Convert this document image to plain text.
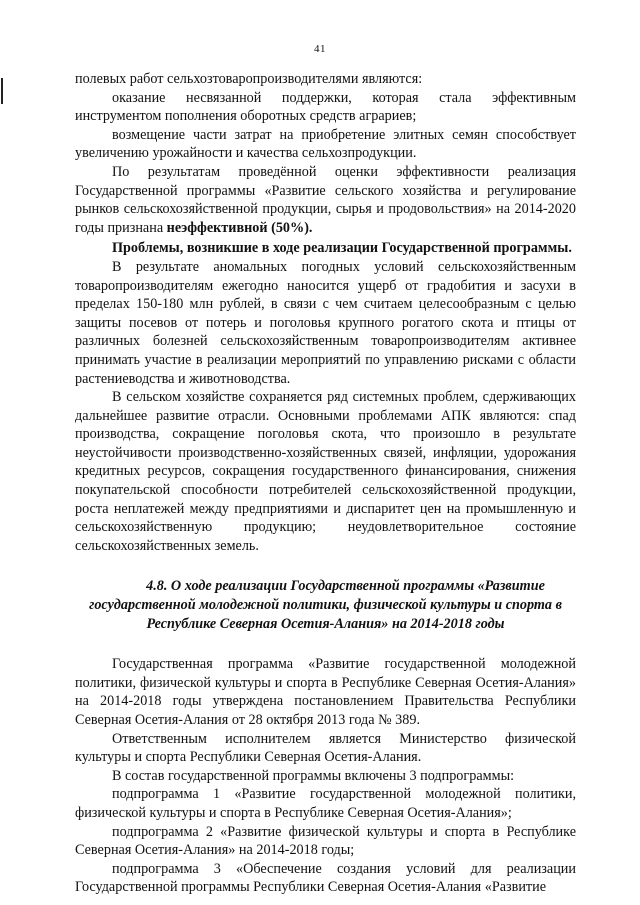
41

полевых работ сельхозтоваропроизводителями являются:

оказание несвязанной поддержки, которая стала эффективным инструментом пополнения оборотных средств аграриев;

возмещение части затрат на приобретение элитных семян способствует увеличению урожайности и качества сельхозпродукции.

По результатам проведённой оценки эффективности реализация Государственной программы «Развитие сельского хозяйства и регулирование рынков сельскохозяйственной продукции, сырья и продовольствия» на 2014-2020 годы признана неэффективной (50%).

Проблемы, возникшие в ходе реализации Государственной программы.

В результате аномальных погодных условий сельскохозяйственным товаропроизводителям ежегодно наносится ущерб от градобития и засухи в пределах 150-180 млн рублей, в связи с чем считаем целесообразным с целью защиты посевов от потерь и поголовья крупного рогатого скота и птицы от различных болезней сельскохозяйственным товаропроизводителям активнее принимать участие в реализации мероприятий по управлению рисками с области растениеводства и животноводства.

В сельском хозяйстве сохраняется ряд системных проблем, сдерживающих дальнейшее развитие отрасли. Основными проблемами АПК являются: спад производства, сокращение поголовья скота, что произошло в результате неустойчивости производственно-хозяйственных связей, инфляции, удорожания кредитных ресурсов, сокращения государственного финансирования, снижения покупательской способности потребителей сельскохозяйственной продукции, роста неплатежей между предприятиями и диспаритет цен на промышленную и сельскохозяйственную продукцию; неудовлетворительное состояние сельскохозяйственных земель.

4.8. О ходе реализации Государственной программы «Развитие государственной молодежной политики, физической культуры и спорта в Республике Северная Осетия-Алания» на 2014-2018 годы

Государственная программа «Развитие государственной молодежной политики, физической культуры и спорта в Республике Северная Осетия-Алания» на 2014-2018 годы утверждена постановлением Правительства Республики Северная Осетия-Алания от 28 октября 2013 года № 389.

Ответственным исполнителем является Министерство физической культуры и спорта Республики Северная Осетия-Алания.

В состав государственной программы включены 3 подпрограммы:

подпрограмма 1 «Развитие государственной молодежной политики, физической культуры и спорта в Республике Северная Осетия-Алания»;

подпрограмма 2 «Развитие физической культуры и спорта в Республике Северная Осетия-Алания» на 2014-2018 годы;

подпрограмма 3 «Обеспечение создания условий для реализации Государственной программы Республики Северная Осетия-Алания «Развитие
